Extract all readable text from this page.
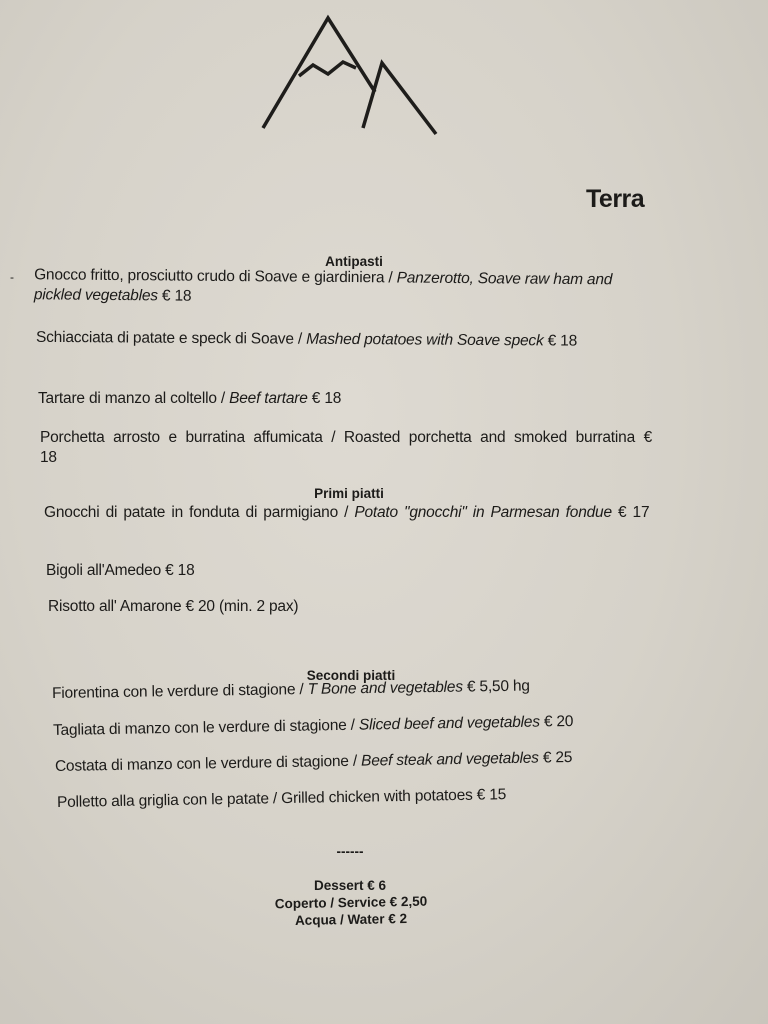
Terra
Antipasti
- Gnocco fritto, prosciutto crudo di Soave e giardiniera / Panzerotto, Soave raw ham and pickled vegetables € 18
Schiacciata di patate e speck di Soave / Mashed potatoes with Soave speck € 18
Tartare di manzo al coltello / Beef tartare € 18
Porchetta arrosto e burratina affumicata / Roasted porchetta and smoked burratina € 18
Primi piatti
Gnocchi di patate in fonduta di parmigiano / Potato "gnocchi" in Parmesan fondue € 17
Bigoli all'Amedeo € 18
Risotto all' Amarone € 20 (min. 2 pax)
Secondi piatti
Fiorentina con le verdure di stagione / T Bone and vegetables € 5,50 hg
Tagliata di manzo con le verdure di stagione / Sliced beef and vegetables € 20
Costata di manzo con le verdure di stagione / Beef steak and vegetables € 25
Polletto alla griglia con le patate / Grilled chicken with potatoes € 15
------
Dessert € 6
Coperto / Service € 2,50
Acqua / Water € 2
